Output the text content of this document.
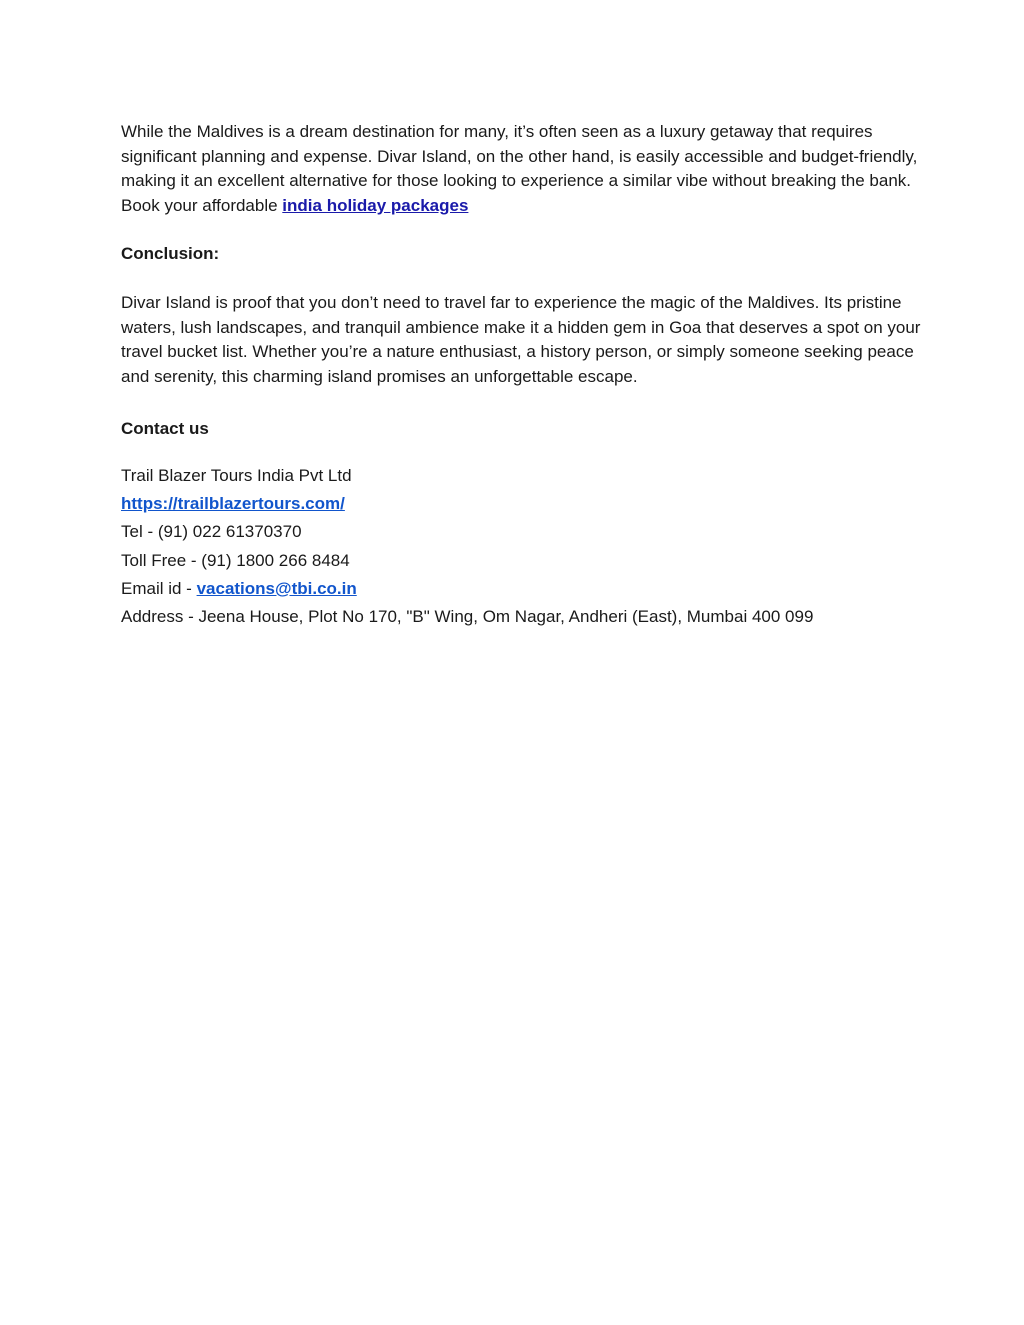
While the Maldives is a dream destination for many, it’s often seen as a luxury getaway that requires significant planning and expense. Divar Island, on the other hand, is easily accessible and budget-friendly, making it an excellent alternative for those looking to experience a similar vibe without breaking the bank. Book your affordable india holiday packages

Conclusion:

Divar Island is proof that you don’t need to travel far to experience the magic of the Maldives. Its pristine waters, lush landscapes, and tranquil ambience make it a hidden gem in Goa that deserves a spot on your travel bucket list. Whether you’re a nature enthusiast, a history person, or simply someone seeking peace and serenity, this charming island promises an unforgettable escape.

Contact us

Trail Blazer Tours India Pvt Ltd

https://trailblazertours.com/

Tel - (91) 022 61370370

Toll Free - (91) 1800 266 8484

Email id - vacations@tbi.co.in

Address - Jeena House, Plot No 170, "B" Wing, Om Nagar, Andheri (East), Mumbai 400 099
